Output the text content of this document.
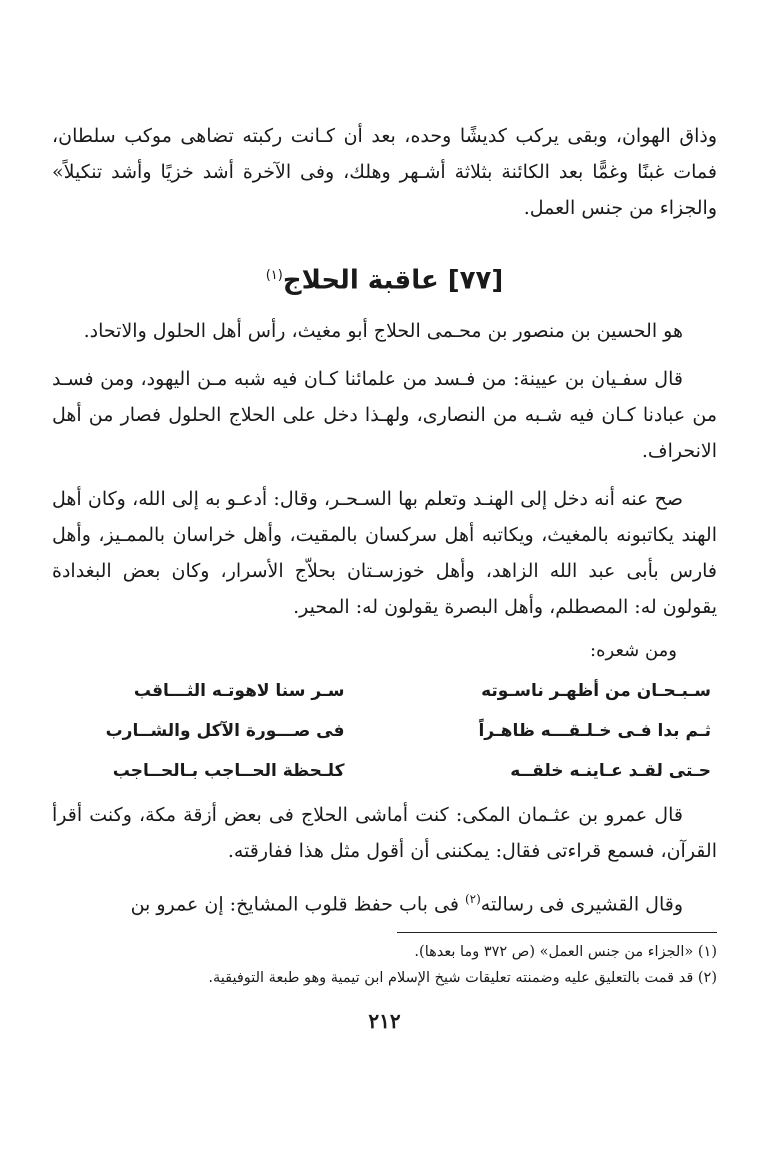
وذاق الهوان، وبقى يركب كديشًا وحده، بعد أن كـانت ركبته تضاهى موكب سلطان، فمات غبنًا وغمًّا بعد الكائنة بثلاثة أشـهر وهلك، وفى الآخرة أشد خزيًا وأشد تنكيلاً» والجزاء من جنس العمل.

[٧٧] عاقبة الحلاج$^{(١)}$

هو الحسين بن منصور بن محـمى الحلاج أبو مغيث، رأس أهل الحلول والاتحاد.

قال سفـيان بن عيينة: من فـسد من علمائنا كـان فيه شبه مـن اليهود، ومن فسـد من عبادنا كـان فيه شـبه من النصارى، ولهـذا دخل على الحلاج الحلول فصار من أهل الانحراف.

صح عنه أنه دخل إلى الهنـد وتعلم بها السـحـر، وقال: أدعـو به إلى الله، وكان أهل الهند يكاتبونه بالمغيث، ويكاتبه أهل سركسان بالمقيت، وأهل خراسان بالممـيز، وأهل فارس بأبى عبد الله الزاهد، وأهل خوزسـتان بحلاّج الأسرار، وكان بعض البغدادة يقولون له: المصطلم، وأهل البصرة يقولون له: المحير.

ومن شعره:

سـبـحـان من أظهـر ناسـوته	سـر سنا لاهوتـه الثـــاقب
ثـم بدا فـى خـلـقـــه ظاهـراً	فى صـــورة الآكل والشــارب
حـتى لقـد عـاينـه خلقــه	كلـحظة الحــاجب بـالحــاجب

قال عمرو بن عثـمان المكى: كنت أماشى الحلاج فى بعض أزقة مكة، وكنت أقرأ القرآن، فسمع قراءتى فقال: يمكننى أن أقول مثل هذا ففارقته.

وقال القشيرى فى رسالته$^{(٢)}$ فى باب حفظ قلوب المشايخ: إن عمرو بن

(١) «الجزاء من جنس العمل» (ص ٣٧٢ وما بعدها).

(٢) قد قمت بالتعليق عليه وضمنته تعليقات شيخ الإسلام ابن تيمية وهو طبعة التوفيقية.

٢١٢
